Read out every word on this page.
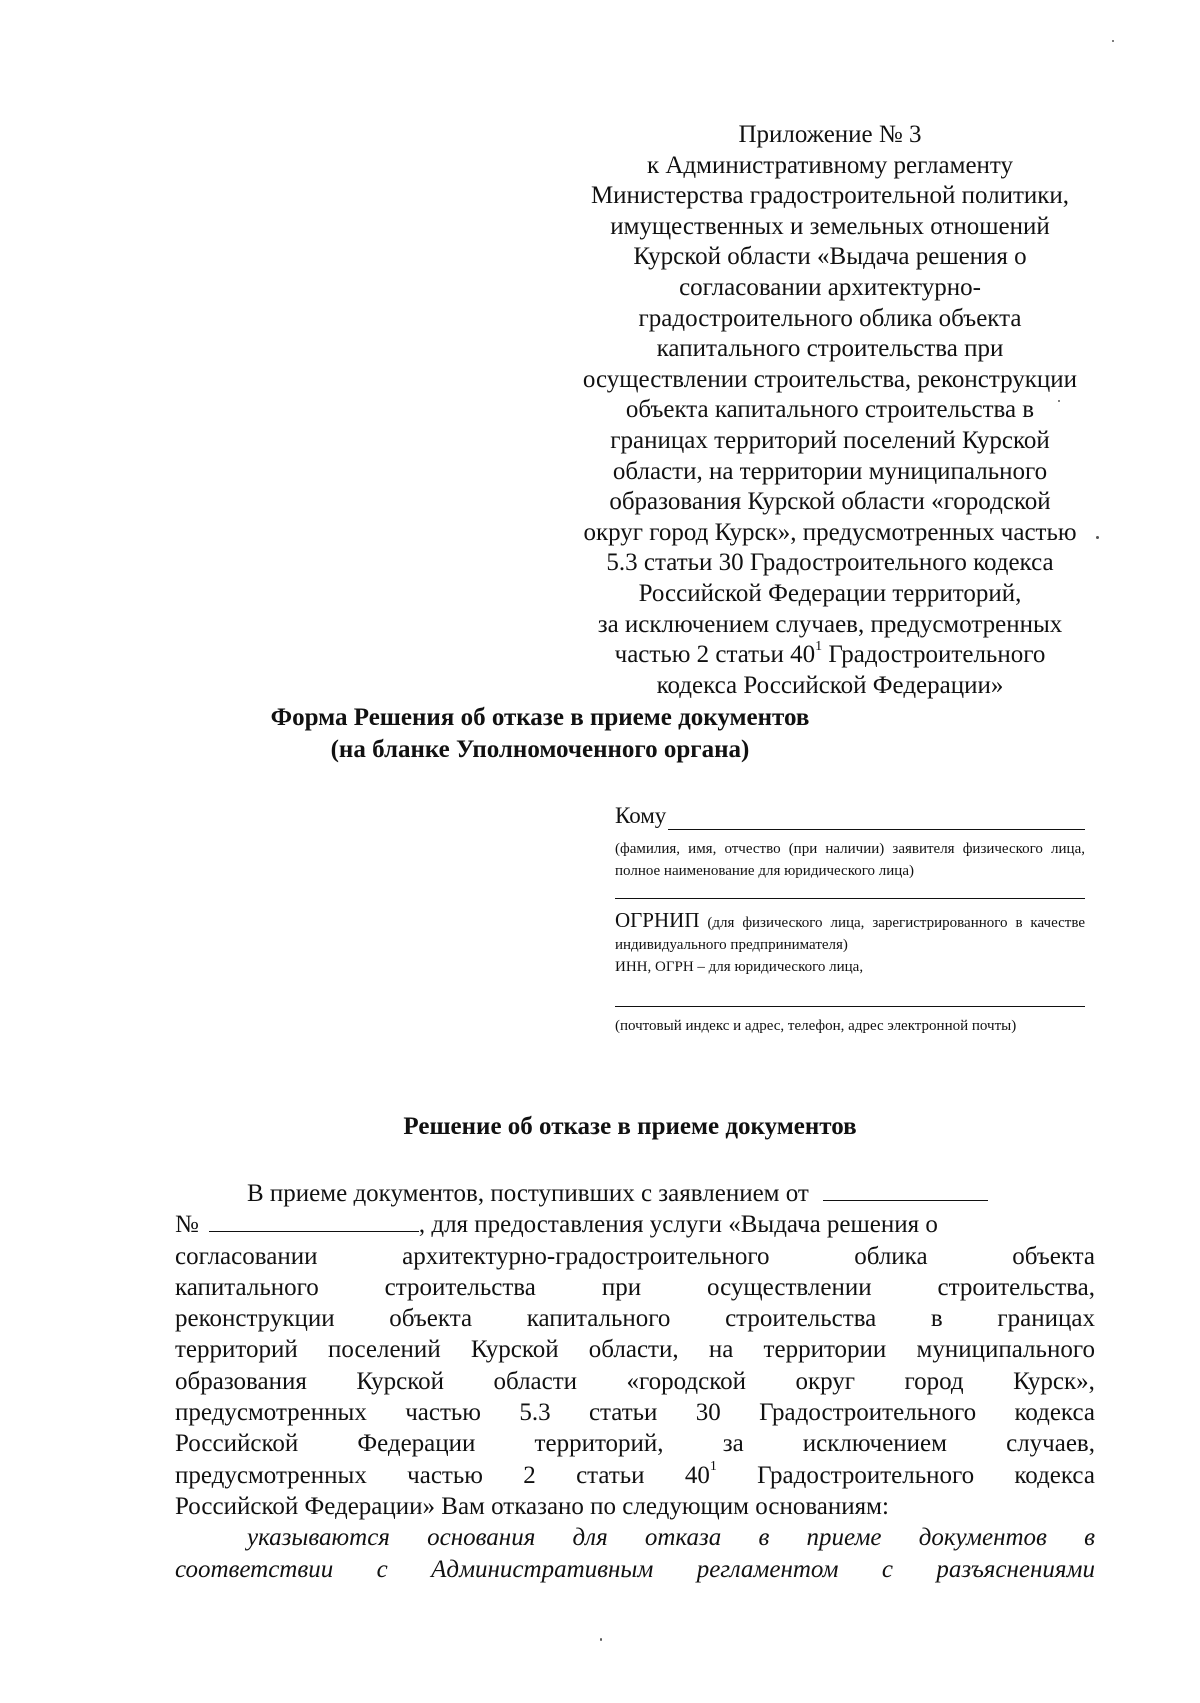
Приложение № 3
к Административному регламенту
Министерства градостроительной политики,
имущественных и земельных отношений
Курской области «Выдача решения о
согласовании архитектурно-
градостроительного облика объекта
капитального строительства при
осуществлении строительства, реконструкции
объекта капитального строительства в
границах территорий поселений Курской
области, на территории муниципального
образования Курской области «городской
округ город Курск», предусмотренных частью
5.3 статьи 30 Градостроительного кодекса
Российской Федерации территорий,
за исключением случаев, предусмотренных
частью 2 статьи $40^1$ Градостроительного
кодекса Российской Федерации»
Форма Решения об отказе в приеме документов
(на бланке Уполномоченного органа)
Кому
(фамилия, имя, отчество (при наличии) заявителя физического лица, полное наименование для юридического лица)
ОГРНИП (для физического лица, зарегистрированного в качестве индивидуального предпринимателя)
ИНН, ОГРН – для юридического лица,
(почтовый индекс и адрес, телефон, адрес электронной почты)
Решение об отказе в приеме документов
В приеме документов, поступивших с заявлением от
№	, для предоставления услуги «Выдача решения о
согласовании	архитектурно-градостроительного	облика	объекта
капитального	строительства	при	осуществлении	строительства,
реконструкции объекта капитального строительства в границах
территорий поселений Курской области, на территории муниципального
образования Курской области «городской округ город Курск»,
предусмотренных частью 5.3 статьи 30 Градостроительного кодекса
Российской Федерации территорий, за исключением случаев,
предусмотренных частью 2 статьи $40^1$ Градостроительного кодекса
Российской Федерации» Вам отказано по следующим основаниям:
указываются основания для отказа в приеме документов в
соответствии с Административным регламентом с разъяснениями
